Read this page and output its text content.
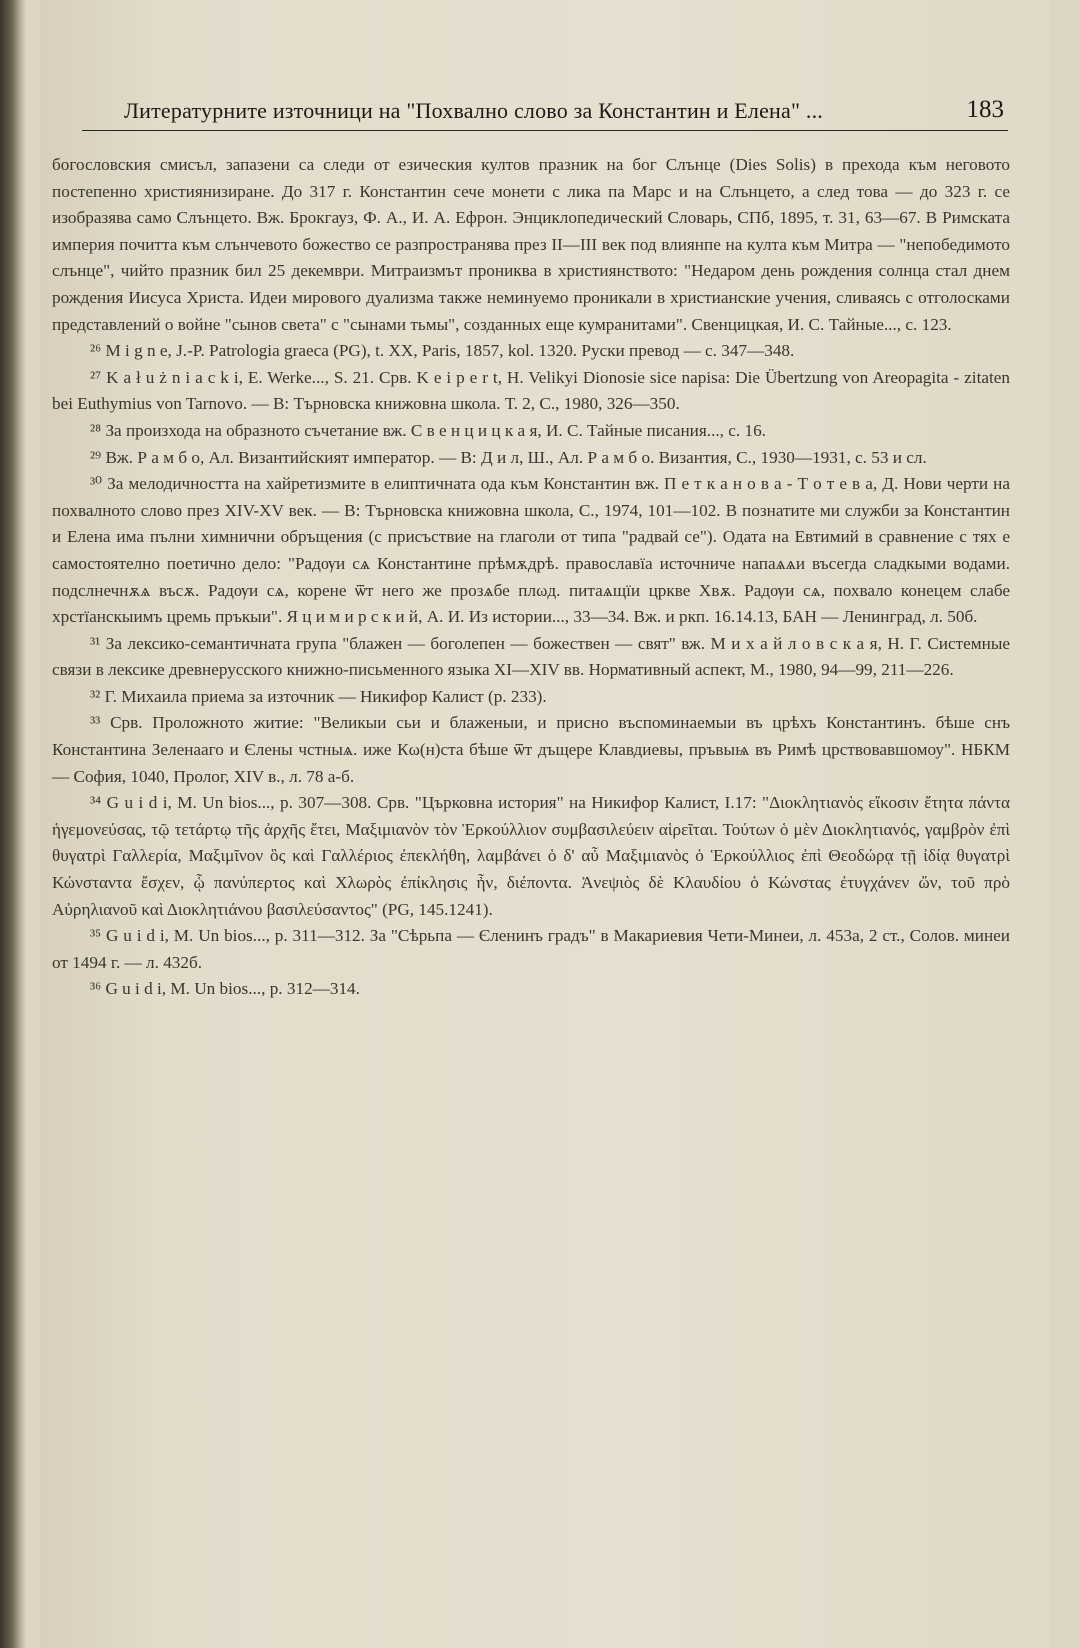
Литературните източници на "Похвално слово за Константин и Елена" ...	183

богословския смисъл, запазени са следи от езическия култов празник на бог Слънце (Dies Solis) в прехода към неговото постепенно християнизиране. До 317 г. Константин сече монети с лика па Марс и на Слънцето, а след това — до 323 г. се изобразява само Слънцето. Вж. Брокгауз, Ф. А., И. А. Ефрон. Энциклопедический Словарь, СПб, 1895, т. 31, 63—67. В Римската империя почитта към слънчевото божество се разпространява през II—III век под влиянпе на култа към Митра — "непобедимото слънце", чийто празник бил 25 декември. Митраизмът прониква в християнството: "Недаром день рождения солнца стал днем рождения Иисуса Христа. Идеи мирового дуализма также неминуемо проникали в христианские учения, сливаясь с отголосками представлений о войне "сынов света" с "сынами тьмы", созданных еще кумранитами". Свенцицкая, И. С. Тайные..., с. 123.

²⁶ M i g n e, J.-P. Patrologia graeca (PG), t. XX, Paris, 1857, kol. 1320. Руски превод — с. 347—348.

²⁷ K a ł u ż n i a c k i, E. Werke..., S. 21. Срв. K e i p e r t, H. Velikyi Dionosie sice napisa: Die Übertzung von Areopagita - zitaten bei Euthymius von Tarnovo. — В: Търновска книжовна школа. Т. 2, С., 1980, 326—350.

²⁸ За произхода на образното съчетание вж. С в е н ц и ц к а я, И. С. Тайные писания..., с. 16.

²⁹ Вж. Р а м б о, Ал. Византийският император. — В: Д и л, Ш., Ал. Р а м б о. Византия, С., 1930—1931, с. 53 и сл.

³⁰ За мелодичността на хайретизмите в елиптичната ода към Константин вж. П е т к а н о в а - Т о т е в а, Д. Нови черти на похвалното слово през XIV-XV век. — В: Търновска книжовна школа, С., 1974, 101—102. В познатите ми служби за Константин и Елена има пълни химнични обръщения (с присъствие на глаголи от типа "радвай се"). Одата на Евтимий в сравнение с тях е самостоятелно поетично дело: "Радѹи сѧ Константине прѣмѫдрѣ. православїа источниче напаѧѧи въсегда сладкыми водами. подслнечнѫѧ въсѫ. Радѹи сѧ, корене ѿт него же прозѧбе плωд. питаѧщїи цркве Хвѫ. Радѹи сѧ, похвало конецем слабе хрстїанскыимъ цремь пръкыи". Я ц и м и р с к и й, А. И. Из истории..., 33—34. Вж. и ркп. 16.14.13, БАН — Ленинград, л. 50б.

³¹ За лексико-семантичната група "блажен — боголепен — божествен — свят" вж. М и х а й л о в с к а я, Н. Г. Системные связи в лексике древнерусского книжно-письменного языка XI—XIV вв. Нормативный аспект, М., 1980, 94—99, 211—226.

³² Г. Михаила приема за източник — Никифор Калист (р. 233).

³³ Срв. Проложното житие: "Великыи сьи и блаженыи, и присно въспоминаемыи въ црѣхъ Константинъ. бѣше снъ Константина Зеленааго и Єлены чстныѧ. иже Кω(н)ста бѣше ѿт дъщере Клавдиевы, пръвыѩ въ Римѣ црствовавшомоу". НБКМ — София, 1040, Пролог, XIV в., л. 78 а-б.

³⁴ G u i d i, M. Un bios..., p. 307—308. Срв. "Църковна история" на Никифор Калист, I.17: "Διοκλητιανὸς εἴκοσιν ἔτητα πάντα ἡγεμονεύσας, τῷ τετάρτῳ τῆς ἀρχῆς ἔτει, Μαξιμιανὸν τὸν Ἑρκούλλιον συμβασιλεύειν αἱρεῖται. Τούτων ὁ μὲν Διοκλητιανός, γαμβρὸν ἐπὶ θυγατρὶ Γαλλερία, Μαξιμῖνον ὃς καὶ Γαλλέριος ἐπεκλήθη, λαμβάνει ὁ δ' αὖ Μαξιμιανὸς ὁ Ἑρκούλλιος ἐπὶ Θεοδώρᾳ τῇ ἰδίᾳ θυγατρὶ Κώνσταντα ἔσχεν, ᾧ πανύπερτος καὶ Χλωρὸς ἐπίκλησις ἦν, διέποντα. Ἀνεψιὸς δὲ Κλαυδίου ὁ Κώνστας ἐτυγχάνεν ὤν, τοῦ πρὸ Αὐρηλιανοῦ καὶ Διοκλητιάνου βασιλεύσαντος" (PG, 145.1241).

³⁵ G u i d i, M. Un bios..., p. 311—312. За "Сѣрьпа — Єленинъ градъ" в Макариевия Чети-Минеи, л. 453а, 2 ст., Солов. минеи от 1494 г. — л. 432б.

³⁶ G u i d i, M. Un bios..., p. 312—314.
